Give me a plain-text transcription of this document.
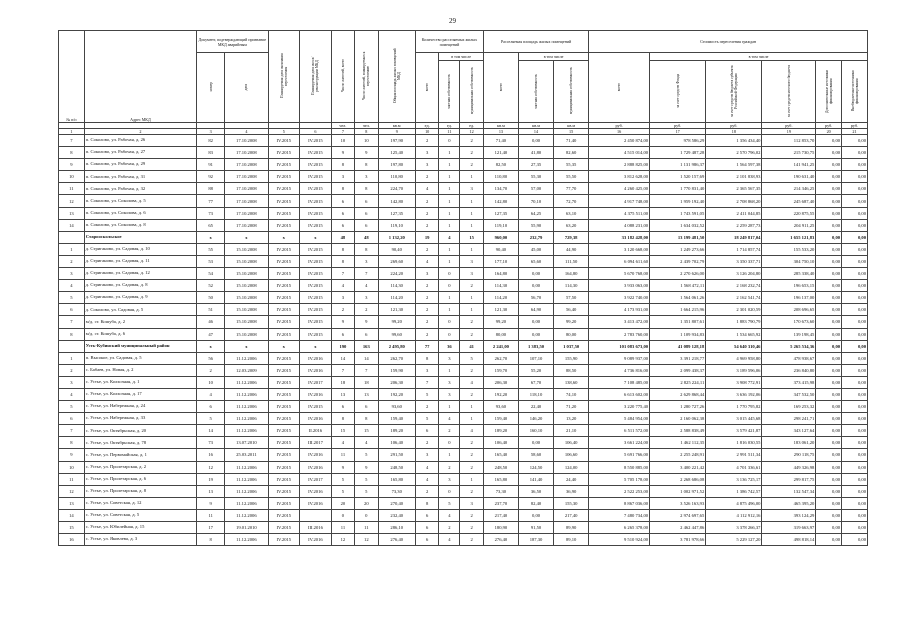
29
№ п/п	Адрес МКД	Документ, подтверждающий признание МКД аварийным		Планируемая дата окончания переселения	Планируемая дата сноса/реконструкции МКД	Число жителей, всего	Число жителей, планируемых к переселению	Общая площадь жилых помещений МКД	Количество расселяемых жилых помещений			Расселяемая площадь жилых помещений			Стоимость переселения граждан					
		номер	дата						всего	в том числе		всего	в том числе		всего	в том числе				
										частная собственность	муниципальная собственность		частная собственность	муниципальная собственность		за счет средств Фонда	за счет средств бюджета субъекта Российской Федерации	за счет средств местного бюджета	Дополнительные источники финансирования	Внебюджетные источники финансирования
						чел.	чел.	кв.м	ед.	ед.	ед.	кв.м	кв.м	кв.м	руб.	руб.	руб.	руб.	руб.	руб.
1	2	3	4	5	6	7	8	9	10	11	12	13	14	15	16	17	18	19	20	21
7	п. Соколово, ул. Рабочая, д. 26	82	17.10.2008	IV.2015	IV.2015	10	10	197,90	2	0	2	71,40	0,00	71,40	2 450 874,00	978 586,29	1 356 434,40	112 853,70	0,00	0,00
8	п. Соколово, ул. Рабочая, д. 27	83	17.10.2008	IV.2015	IV.2015	9	9	125,40	3	1	2	121,40	41,80	82,60	4 515 014,00	1 729 487,28	2 570 796,02	215 730,75	0,00	0,00
9	п. Соколово, ул. Рабочая, д. 29	91	17.10.2008	IV.2015	IV.2015	8	8	197,80	3	1	2	82,50	27,35	55,35	2 888 825,00	1 131 986,37	1 564 597,38	141 941,25	0,00	0,00
10	п. Соколово, ул. Рабочая, д. 31	92	17.10.2008	IV.2015	IV.2015	3	3	110,80	2	1	1	110,80	55,30	55,50	3 812 628,00	1 520 157,69	2 101 838,93	190 631,40	0,00	0,00
11	п. Соколово, ул. Рабочая, д. 32	88	17.10.2008	IV.2015	IV.2015	8	8	224,70	4	1	3	134,70	57,00	77,70	4 260 425,00	1 770 831,40	2 365 567,35	214 346,25	0,00	0,00
12	п. Соколово, ул. Соколова, д. 5	77	17.10.2008	IV.2015	IV.2015	6	6	142,80	2	1	1	142,80	70,10	72,70	4 917 748,00	1 959 192,40	2 708 868,20	245 687,40	0,00	0,00
13	п. Соколово, ул. Соколова, д. 6	73	17.10.2008	IV.2015	IV.2015	6	6	127,35	2	1	1	127,35	64,25	63,10	4 375 511,00	1 743 591,05	2 411 044,85	220 875,55	0,00	0,00
14	п. Соколово, ул. Соколова, д. 8	65	17.10.2008	IV.2015	IV.2015	6	6	119,10	2	1	1	119,10	55,90	63,20	4 088 231,00	1 634 032,52	2 259 287,73	204 911,25	0,00	0,00
	Старооскольское	х	х	х	х	48	48	1 132,20	19	4	15	960,00	232,79	729,38	33 182 428,00	13 199 481,50	18 249 817,04	1 655 121,83	0,00	0,00
1	д. Стриганово, ул. Садовая, д. 10	55	15.10.2008	IV.2015	IV.2015	8	8	90,40	2	1	1	90,40	45,00	44,90	3 120 668,00	1 249 273,66	1 714 857,74	155 533,20	0,00	0,00
2	д. Стриганово, ул. Садовая, д. 11	53	15.10.2008	IV.2015	IV.2015	8	3	269,60	4	1	3	177,10	65,60	111,50	6 094 611,60	2 439 702,79	3 350 337,71	304 750,10	0,00	0,00
3	д. Стриганово, ул. Садовая, д. 12	54	15.10.2008	IV.2015	IV.2015	7	7	224,20	3	0	3	164,80	0,00	164,80	5 670 768,00	2 270 626,00	3 126 204,80	285 338,40	0,00	0,00
4	д. Стриганово, ул. Садовая, д. 8	52	15.10.2008	IV.2015	IV.2015	4	4	114,30	2	0	2	114,30	0,00	114,30	3 933 063,00	1 568 472,11	2 168 232,74	196 653,15	0,00	0,00
5	д. Стриганово, ул. Садовая, д. 9	50	15.10.2008	IV.2015	IV.2015	3	3	114,20	2	1	1	114,20	56,70	57,50	3 922 740,00	1 564 061,26	2 162 541,74	196 137,00	0,00	0,00
6	д. Соколово, ул. Садовая, д. 5	51	15.10.2008	IV.2015	IV.2015	2	2	121,30	2	1	1	121,30	64,90	56,40	4 173 931,00	1 664 215,96	2 301 020,59	208 696,65	0,00	0,00
7	м/д. ст. Кошуба, д. 2	46	15.10.2008	IV.2015	IV.2015	9	9	99,20	2	0	2	99,20	0,00	99,20	3 413 472,00	1 351 807,61	1 883 790,79	170 673,60	0,00	0,00
8	м/д. ст. Кошуба, д. 6	47	15.10.2008	IV.2015	IV.2015	6	6	99,60	2	0	2	80,00	0,00	80,00	2 783 760,00	1 109 934,83	1 534 665,92	139 198,45	0,00	0,00
	Усть-Кубинский муниципальный район	х	х	х	х	190	163	2 495,80	77	36	41	2 241,00	1 383,50	1 037,50	101 083 673,00	41 089 128,18	54 640 310,46	5 265 534,36	0,00	0,00
1	п. Высокое, ул. Садовая, д. 5	56	11.12.2006	IV.2015	IV.2016	14	14	262,70	8	3	5	262,70	107,10	155,90	9 089 937,00	3 391 218,77	4 969 958,80	478 938,67	0,00	0,00
2	с. Бабаев, ул. Новая, д. 2	2	12.03.2009	IV.2015	IV.2016	7	7	159,90	3	1	2	159,70	55,20	88,50	4 736 816,00	2 099 438,37	3 189 596,06	236 840,80	0,00	0,00
3	с. Устье, ул. Колхозная, д. 1	10	11.12.2006	IV.2015	IV.2017	18	18	206,30	7	3	4	206,30	67,70	138,60	7 108 485,00	2 825 224,11	3 908 772,91	373 415,98	0,00	0,00
4	с. Устье, ул. Колхозная, д. 17	4	11.12.2006	IV.2015	IV.2016	13	13	192,20	5	3	2	192,20	118,10	74,10	6 613 602,00	2 629 868,44	3 636 192,06	347 532,50	0,00	0,00
5	с. Устье, ул. Набережная, д. 24	6	11.12.2006	IV.2015	IV.2015	6	6	93,60	2	1	1	93,60	22,40	71,20	3 220 775,40	1 280 727,26	1 770 795,82	169 253,32	0,00	0,00
6	с. Устье, ул. Набережная, д. 33	5	11.12.2006	IV.2015	IV.2016	8	8	159,40	5	4	1	159,40	146,20	13,20	5 484 954,00	2 160 062,38	3 015 445,68	298 241,71	0,00	0,00
7	с. Устье, ул. Октябрьская, д. 20	14	11.12.2006	IV.2015	II.2016	15	15	189,20	6	2	4	189,20	160,10	21,10	6 511 572,00	2 588 838,49	3 579 421,87	343 127,64	0,00	0,00
8	с. Устье, ул. Октябрьская, д. 78	73	13.07.2010	IV.2015	III.2017	4	4	106,40	2	0	2	106,40	0,00	106,40	3 661 224,00	1 462 112,35	1 816 030,55	183 061,20	0,00	0,00
9	с. Устье, ул. Первомайская, д. 1	16	25.03.2011	IV.2015	IV.2016	11	5	291,50	3	1	2	165,40	58,60	106,60	5 691 766,00	2 255 248,91	2 991 511,34	290 118,75	0,00	0,00
10	с. Устье, ул. Пролетарская, д. 2	12	11.12.2006	IV.2015	IV.2016	9	9	248,50	4	2	2	248,50	124,50	124,00	8 550 885,00	3 400 221,42	4 701 336,61	449 326,98	0,00	0,00
11	с. Устье, ул. Пролетарская, д. 6	19	11.12.2006	IV.2015	IV.2017	5	5	165,80	4	3	1	165,80	141,40	24,40	5 705 178,00	2 268 686,08	3 136 725,17	299 817,75	0,00	0,00
12	с. Устье, ул. Пролетарская, д. 8	13	11.12.2006	IV.2015	IV.2016	5	5	73,30	2	0	2	73,30	36,50	36,90	2 522 253,00	1 002 971,52	1 386 742,57	132 547,34	0,00	0,00
13	с. Устье, ул. Советская, д. 12	9	11.12.2006	IV.2015	IV.2016	20	20	270,40	8	5	3	237,70	82,40	155,30	8 867 036,00	3 526 163,93	4 875 496,00	465 395,20	0,00	0,00
14	с. Устье, ул. Советская, д. 5	11	11.12.2006	IV.2015		0	0	232,40	6	4	2	217,40	0,00	217,40	7 480 734,00	2 974 697,65	4 112 912,16	393 124,29	0,00	0,00
15	с. Устье, ул. Юбилейная, д. 15	17	19.01.2010	IV.2015	III.2016	11	11	286,10	6	2	2	180,90	91,50	89,90	6 265 378,00	2 462 447,86	3 378 266,37	319 663,97	0,00	0,00
16	с. Устье, ул. Яковлева, д. 3	8	11.12.2006	IV.2015	IV.2016	12	12	276,40	6	4	2	276,40	187,30	89,10	9 510 924,00	3 781 978,66	5 229 127,20	498 818,14	0,00	0,00
